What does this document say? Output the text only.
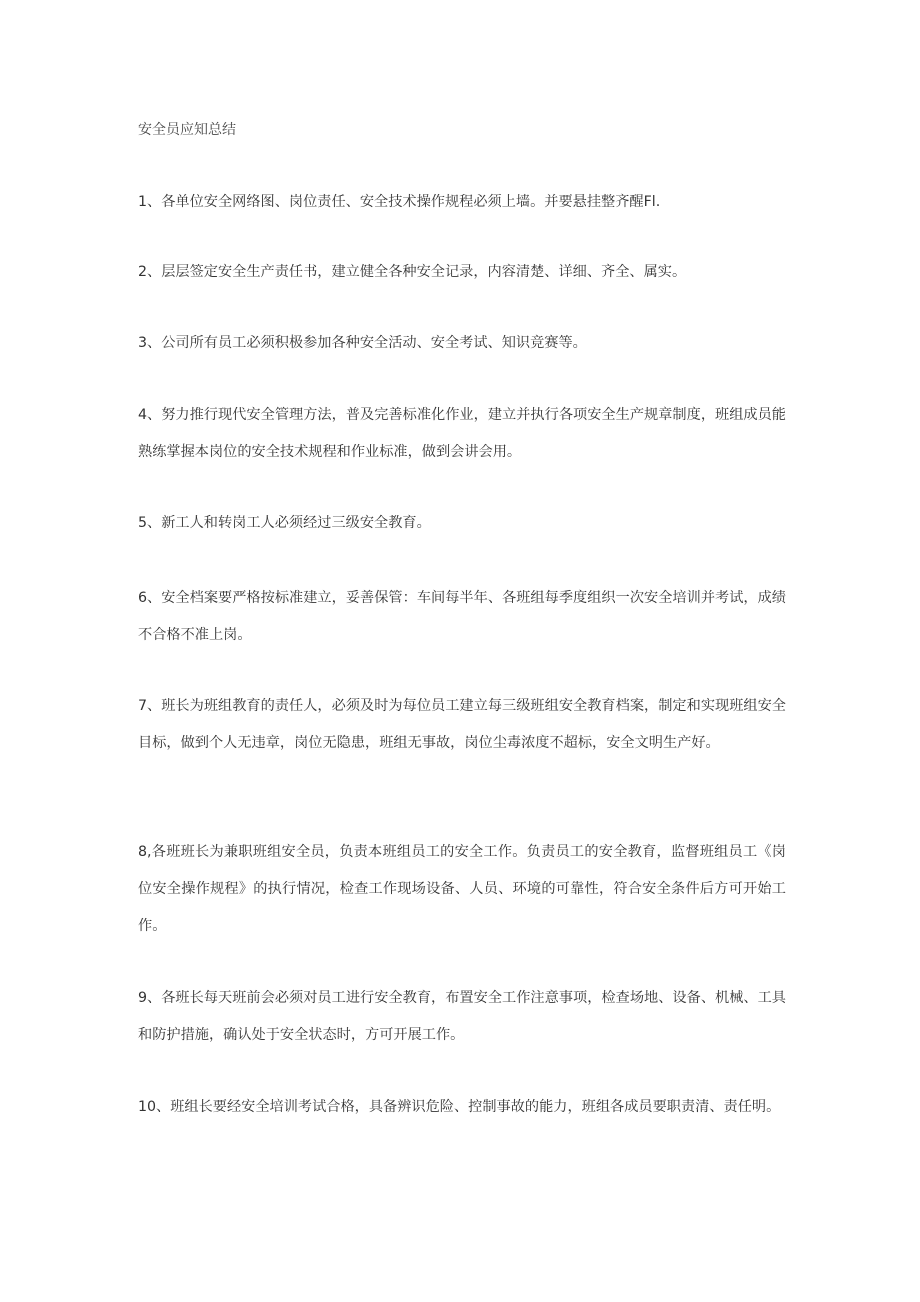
安全员应知总结
1、各单位安全网络图、岗位责任、安全技术操作规程必须上墙。并要悬挂整齐醒Fl.
2、层层签定安全生产责任书，建立健全各种安全记录，内容清楚、详细、齐全、属实。
3、公司所有员工必须积极参加各种安全活动、安全考试、知识竞赛等。
4、努力推行现代安全管理方法，普及完善标准化作业，建立并执行各项安全生产规章制度，班组成员能熟练掌握本岗位的安全技术规程和作业标准，做到会讲会用。
5、新工人和转岗工人必须经过三级安全教育。
6、安全档案要严格按标准建立，妥善保管：车间每半年、各班组每季度组织一次安全培训并考试，成绩不合格不准上岗。
7、班长为班组教育的责任人，必须及时为每位员工建立每三级班组安全教育档案，制定和实现班组安全目标，做到个人无违章，岗位无隐患，班组无事故，岗位尘毒浓度不超标，安全文明生产好。
8,各班班长为兼职班组安全员，负责本班组员工的安全工作。负责员工的安全教育，监督班组员工《岗位安全操作规程》的执行情况，检查工作现场设备、人员、环境的可靠性，符合安全条件后方可开始工作。
9、各班长每天班前会必须对员工进行安全教育，布置安全工作注意事项，检查场地、设备、机械、工具和防护措施，确认处于安全状态时，方可开展工作。
10、班组长要经安全培训考试合格，具备辨识危险、控制事故的能力，班组各成员要职责清、责任明。
